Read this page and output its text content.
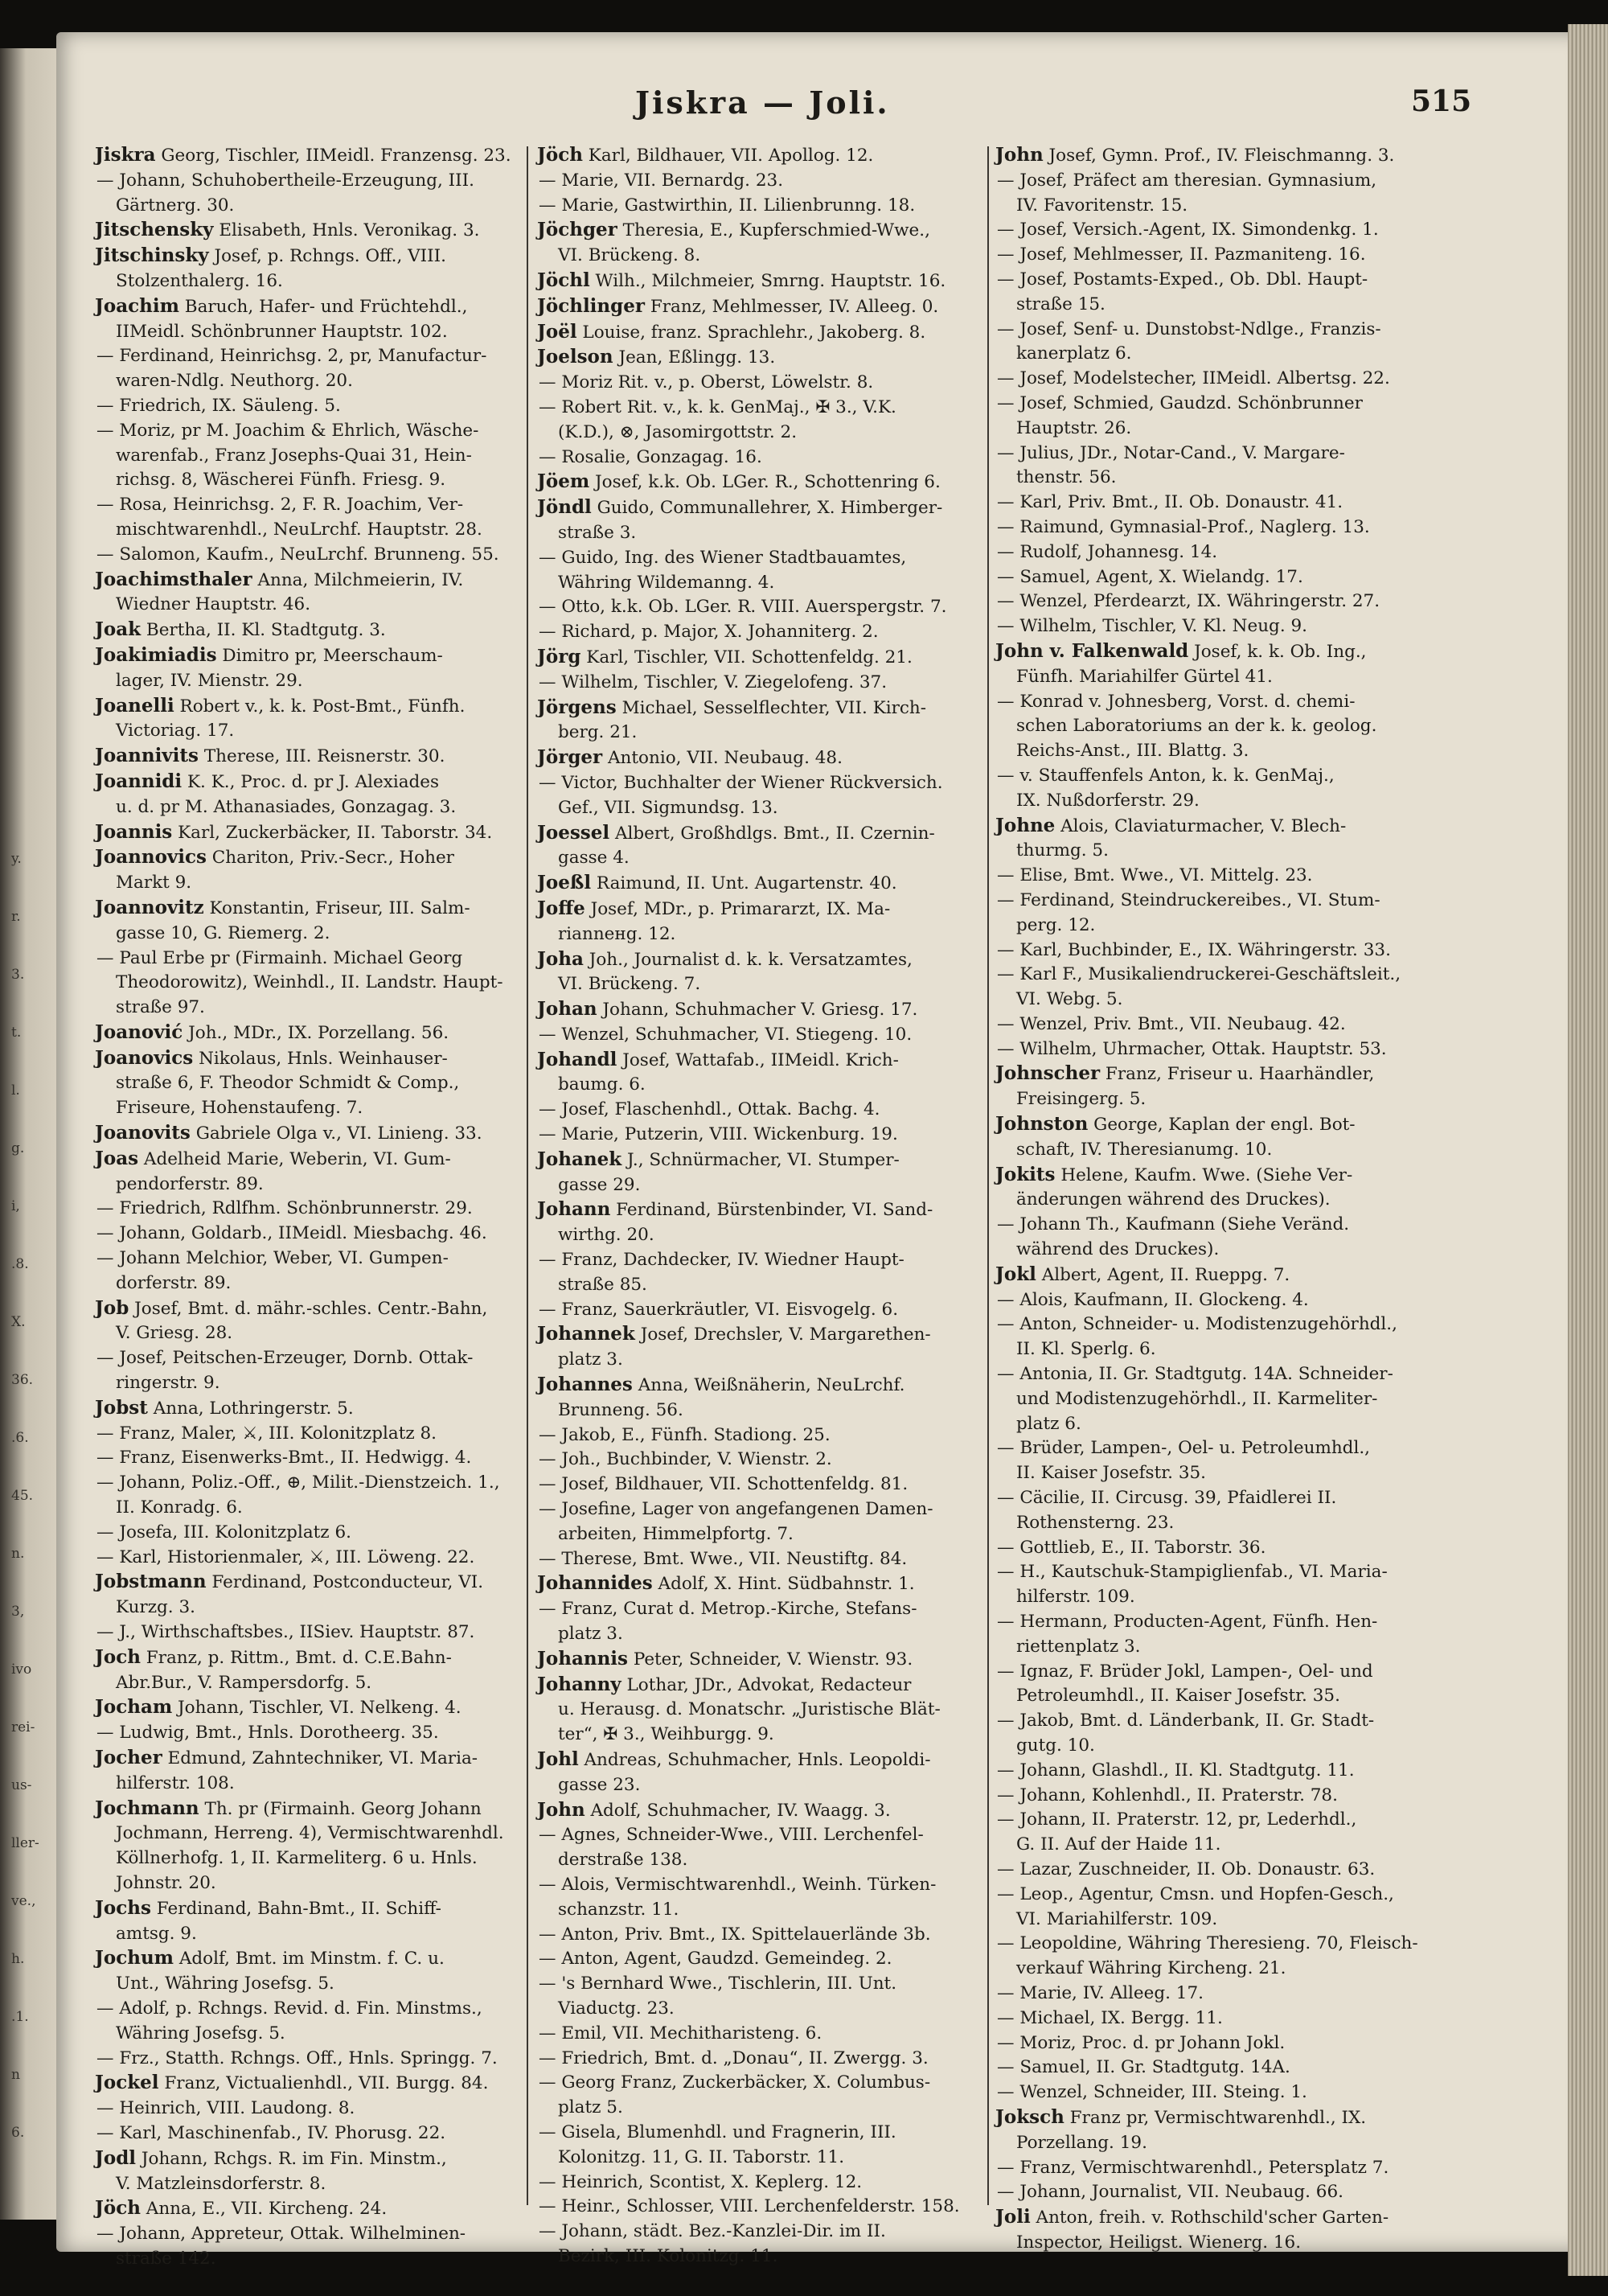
y.
r.
3.
t.
l.
g.
i,
.8.
X.
36.
.6.
45.
n.
3,
ivo
rei-
us-
ller-
ve.,
h.
.1.
n
6.
Jiskra — Joli.	515
Jiskra Georg, Tischler, IIMeidl. Franzensg. 23.
— Johann, Schuhobertheile-Erzeugung, III.
Gärtnerg. 30.
Jitschensky Elisabeth, Hnls. Veronikag. 3.
Jitschinsky Josef, p. Rchngs. Off., VIII.
Stolzenthalerg. 16.
Joachim Baruch, Hafer- und Früchtehdl.,
IIMeidl. Schönbrunner Hauptstr. 102.
— Ferdinand, Heinrichsg. 2, pr, Manufactur-
waren-Ndlg. Neuthorg. 20.
— Friedrich, IX. Säuleng. 5.
— Moriz, pr M. Joachim & Ehrlich, Wäsche-
warenfab., Franz Josephs-Quai 31, Hein-
richsg. 8, Wäscherei Fünfh. Friesg. 9.
— Rosa, Heinrichsg. 2, F. R. Joachim, Ver-
mischtwarenhdl., NeuLrchf. Hauptstr. 28.
— Salomon, Kaufm., NeuLrchf. Brunneng. 55.
Joachimsthaler Anna, Milchmeierin, IV.
Wiedner Hauptstr. 46.
Joak Bertha, II. Kl. Stadtgutg. 3.
Joakimiadis Dimitro pr, Meerschaum-
lager, IV. Mienstr. 29.
Joanelli Robert v., k. k. Post-Bmt., Fünfh.
Victoriag. 17.
Joannivits Therese, III. Reisnerstr. 30.
Joannidi K. K., Proc. d. pr J. Alexiades
u. d. pr M. Athanasiades, Gonzagag. 3.
Joannis Karl, Zuckerbäcker, II. Taborstr. 34.
Joannovics Chariton, Priv.-Secr., Hoher
Markt 9.
Joannovitz Konstantin, Friseur, III. Salm-
gasse 10, G. Riemerg. 2.
— Paul Erbe pr (Firmainh. Michael Georg
Theodorowitz), Weinhdl., II. Landstr. Haupt-
straße 97.
Joanović Joh., MDr., IX. Porzellang. 56.
Joanovics Nikolaus, Hnls. Weinhauser-
straße 6, F. Theodor Schmidt & Comp.,
Friseure, Hohenstaufeng. 7.
Joanovits Gabriele Olga v., VI. Linieng. 33.
Joas Adelheid Marie, Weberin, VI. Gum-
pendorferstr. 89.
— Friedrich, Rdlfhm. Schönbrunnerstr. 29.
— Johann, Goldarb., IIMeidl. Miesbachg. 46.
— Johann Melchior, Weber, VI. Gumpen-
dorferstr. 89.
Job Josef, Bmt. d. mähr.-schles. Centr.-Bahn,
V. Griesg. 28.
— Josef, Peitschen-Erzeuger, Dornb. Ottak-
ringerstr. 9.
Jobst Anna, Lothringerstr. 5.
— Franz, Maler, ⚔, III. Kolonitzplatz 8.
— Franz, Eisenwerks-Bmt., II. Hedwigg. 4.
— Johann, Poliz.-Off., ⊕, Milit.-Dienstzeich. 1.,
II. Konradg. 6.
— Josefa, III. Kolonitzplatz 6.
— Karl, Historienmaler, ⚔, III. Löweng. 22.
Jobstmann Ferdinand, Postconducteur, VI.
Kurzg. 3.
— J., Wirthschaftsbes., IISiev. Hauptstr. 87.
Joch Franz, p. Rittm., Bmt. d. C.E.Bahn-
Abr.Bur., V. Rampersdorfg. 5.
Jocham Johann, Tischler, VI. Nelkeng. 4.
— Ludwig, Bmt., Hnls. Dorotheerg. 35.
Jocher Edmund, Zahntechniker, VI. Maria-
hilferstr. 108.
Jochmann Th. pr (Firmainh. Georg Johann
Jochmann, Herreng. 4), Vermischtwarenhdl.
Köllnerhofg. 1, II. Karmeliterg. 6 u. Hnls.
Johnstr. 20.
Jochs Ferdinand, Bahn-Bmt., II. Schiff-
amtsg. 9.
Jochum Adolf, Bmt. im Minstm. f. C. u.
Unt., Währing Josefsg. 5.
— Adolf, p. Rchngs. Revid. d. Fin. Minstms.,
Währing Josefsg. 5.
— Frz., Statth. Rchngs. Off., Hnls. Springg. 7.
Jockel Franz, Victualienhdl., VII. Burgg. 84.
— Heinrich, VIII. Laudong. 8.
— Karl, Maschinenfab., IV. Phorusg. 22.
Jodl Johann, Rchgs. R. im Fin. Minstm.,
V. Matzleinsdorferstr. 8.
Jöch Anna, E., VII. Kircheng. 24.
— Johann, Appreteur, Ottak. Wilhelminen-
straße 142.
Jöch Karl, Bildhauer, VII. Apollog. 12.
— Marie, VII. Bernardg. 23.
— Marie, Gastwirthin, II. Lilienbrunng. 18.
Jöchger Theresia, E., Kupferschmied-Wwe.,
VI. Brückeng. 8.
Jöchl Wilh., Milchmeier, Smrng. Hauptstr. 16.
Jöchlinger Franz, Mehlmesser, IV. Alleeg. 0.
Joël Louise, franz. Sprachlehr., Jakoberg. 8.
Joelson Jean, Eßlingg. 13.
— Moriz Rit. v., p. Oberst, Löwelstr. 8.
— Robert Rit. v., k. k. GenMaj., ✠ 3., V.K.
(K.D.), ⊗, Jasomirgottstr. 2.
— Rosalie, Gonzagag. 16.
Jöem Josef, k.k. Ob. LGer. R., Schottenring 6.
Jöndl Guido, Communallehrer, X. Himberger-
straße 3.
— Guido, Ing. des Wiener Stadtbauamtes,
Währing Wildemanng. 4.
— Otto, k.k. Ob. LGer. R. VIII. Auerspergstr. 7.
— Richard, p. Major, X. Johanniterg. 2.
Jörg Karl, Tischler, VII. Schottenfeldg. 21.
— Wilhelm, Tischler, V. Ziegelofeng. 37.
Jörgens Michael, Sesselflechter, VII. Kirch-
berg. 21.
Jörger Antonio, VII. Neubaug. 48.
— Victor, Buchhalter der Wiener Rückversich.
Gef., VII. Sigmundsg. 13.
Joessel Albert, Großhdlgs. Bmt., II. Czernin-
gasse 4.
Joeßl Raimund, II. Unt. Augartenstr. 40.
Joffe Josef, MDr., p. Primararzt, IX. Ma-
riannенg. 12.
Joha Joh., Journalist d. k. k. Versatzamtes,
VI. Brückeng. 7.
Johan Johann, Schuhmacher V. Griesg. 17.
— Wenzel, Schuhmacher, VI. Stiegeng. 10.
Johandl Josef, Wattafab., IIMeidl. Krich-
baumg. 6.
— Josef, Flaschenhdl., Ottak. Bachg. 4.
— Marie, Putzerin, VIII. Wickenburg. 19.
Johanek J., Schnürmacher, VI. Stumper-
gasse 29.
Johann Ferdinand, Bürstenbinder, VI. Sand-
wirthg. 20.
— Franz, Dachdecker, IV. Wiedner Haupt-
straße 85.
— Franz, Sauerkräutler, VI. Eisvogelg. 6.
Johannek Josef, Drechsler, V. Margarethen-
platz 3.
Johannes Anna, Weißnäherin, NeuLrchf.
Brunneng. 56.
— Jakob, E., Fünfh. Stadiong. 25.
— Joh., Buchbinder, V. Wienstr. 2.
— Josef, Bildhauer, VII. Schottenfeldg. 81.
— Josefine, Lager von angefangenen Damen-
arbeiten, Himmelpfortg. 7.
— Therese, Bmt. Wwe., VII. Neustiftg. 84.
Johannides Adolf, X. Hint. Südbahnstr. 1.
— Franz, Curat d. Metrop.-Kirche, Stefans-
platz 3.
Johannis Peter, Schneider, V. Wienstr. 93.
Johanny Lothar, JDr., Advokat, Redacteur
u. Herausg. d. Monatschr. „Juristische Blät-
ter“, ✠ 3., Weihburgg. 9.
Johl Andreas, Schuhmacher, Hnls. Leopoldi-
gasse 23.
John Adolf, Schuhmacher, IV. Waagg. 3.
— Agnes, Schneider-Wwe., VIII. Lerchenfel-
derstraße 138.
— Alois, Vermischtwarenhdl., Weinh. Türken-
schanzstr. 11.
— Anton, Priv. Bmt., IX. Spittelauerlände 3b.
— Anton, Agent, Gaudzd. Gemeindeg. 2.
— 's Bernhard Wwe., Tischlerin, III. Unt.
Viaductg. 23.
— Emil, VII. Mechitharisteng. 6.
— Friedrich, Bmt. d. „Donau“, II. Zwergg. 3.
— Georg Franz, Zuckerbäcker, X. Columbus-
platz 5.
— Gisela, Blumenhdl. und Fragnerin, III.
Kolonitzg. 11, G. II. Taborstr. 11.
— Heinrich, Scontist, X. Keplerg. 12.
— Heinr., Schlosser, VIII. Lerchenfelderstr. 158.
— Johann, städt. Bez.-Kanzlei-Dir. im II.
Bezirk, III. Kolonitzg. 11.
John Josef, Gymn. Prof., IV. Fleischmanng. 3.
— Josef, Präfect am theresian. Gymnasium,
IV. Favoritenstr. 15.
— Josef, Versich.-Agent, IX. Simondenkg. 1.
— Josef, Mehlmesser, II. Pazmaniteng. 16.
— Josef, Postamts-Exped., Ob. Dbl. Haupt-
straße 15.
— Josef, Senf- u. Dunstobst-Ndlge., Franzis-
kanerplatz 6.
— Josef, Modelstecher, IIMeidl. Albertsg. 22.
— Josef, Schmied, Gaudzd. Schönbrunner
Hauptstr. 26.
— Julius, JDr., Notar-Cand., V. Margare-
thenstr. 56.
— Karl, Priv. Bmt., II. Ob. Donaustr. 41.
— Raimund, Gymnasial-Prof., Naglerg. 13.
— Rudolf, Johannesg. 14.
— Samuel, Agent, X. Wielandg. 17.
— Wenzel, Pferdearzt, IX. Währingerstr. 27.
— Wilhelm, Tischler, V. Kl. Neug. 9.
John v. Falkenwald Josef, k. k. Ob. Ing.,
Fünfh. Mariahilfer Gürtel 41.
— Konrad v. Johnesberg, Vorst. d. chemi-
schen Laboratoriums an der k. k. geolog.
Reichs-Anst., III. Blattg. 3.
— v. Stauffenfels Anton, k. k. GenMaj.,
IX. Nußdorferstr. 29.
Johne Alois, Claviaturmacher, V. Blech-
thurmg. 5.
— Elise, Bmt. Wwe., VI. Mittelg. 23.
— Ferdinand, Steindruckereibes., VI. Stum-
perg. 12.
— Karl, Buchbinder, E., IX. Währingerstr. 33.
— Karl F., Musikaliendruckerei-Geschäftsleit.,
VI. Webg. 5.
— Wenzel, Priv. Bmt., VII. Neubaug. 42.
— Wilhelm, Uhrmacher, Ottak. Hauptstr. 53.
Johnscher Franz, Friseur u. Haarhändler,
Freisingerg. 5.
Johnston George, Kaplan der engl. Bot-
schaft, IV. Theresianumg. 10.
Jokits Helene, Kaufm. Wwe. (Siehe Ver-
änderungen während des Druckes).
— Johann Th., Kaufmann (Siehe Veränd.
während des Druckes).
Jokl Albert, Agent, II. Rueppg. 7.
— Alois, Kaufmann, II. Glockeng. 4.
— Anton, Schneider- u. Modistenzugehörhdl.,
II. Kl. Sperlg. 6.
— Antonia, II. Gr. Stadtgutg. 14A. Schneider-
und Modistenzugehörhdl., II. Karmeliter-
platz 6.
— Brüder, Lampen-, Oel- u. Petroleumhdl.,
II. Kaiser Josefstr. 35.
— Cäcilie, II. Circusg. 39, Pfaidlerei II.
Rothensterng. 23.
— Gottlieb, E., II. Taborstr. 36.
— H., Kautschuk-Stampiglienfab., VI. Maria-
hilferstr. 109.
— Hermann, Producten-Agent, Fünfh. Hen-
riettenplatz 3.
— Ignaz, F. Brüder Jokl, Lampen-, Oel- und
Petroleumhdl., II. Kaiser Josefstr. 35.
— Jakob, Bmt. d. Länderbank, II. Gr. Stadt-
gutg. 10.
— Johann, Glashdl., II. Kl. Stadtgutg. 11.
— Johann, Kohlenhdl., II. Praterstr. 78.
— Johann, II. Praterstr. 12, pr, Lederhdl.,
G. II. Auf der Haide 11.
— Lazar, Zuschneider, II. Ob. Donaustr. 63.
— Leop., Agentur, Cmsn. und Hopfen-Gesch.,
VI. Mariahilferstr. 109.
— Leopoldine, Währing Theresieng. 70, Fleisch-
verkauf Währing Kircheng. 21.
— Marie, IV. Alleeg. 17.
— Michael, IX. Bergg. 11.
— Moriz, Proc. d. pr Johann Jokl.
— Samuel, II. Gr. Stadtgutg. 14A.
— Wenzel, Schneider, III. Steing. 1.
Joksch Franz pr, Vermischtwarenhdl., IX.
Porzellang. 19.
— Franz, Vermischtwarenhdl., Petersplatz 7.
— Johann, Journalist, VII. Neubaug. 66.
Joli Anton, freih. v. Rothschild'scher Garten-
Inspector, Heiligst. Wienerg. 16.
